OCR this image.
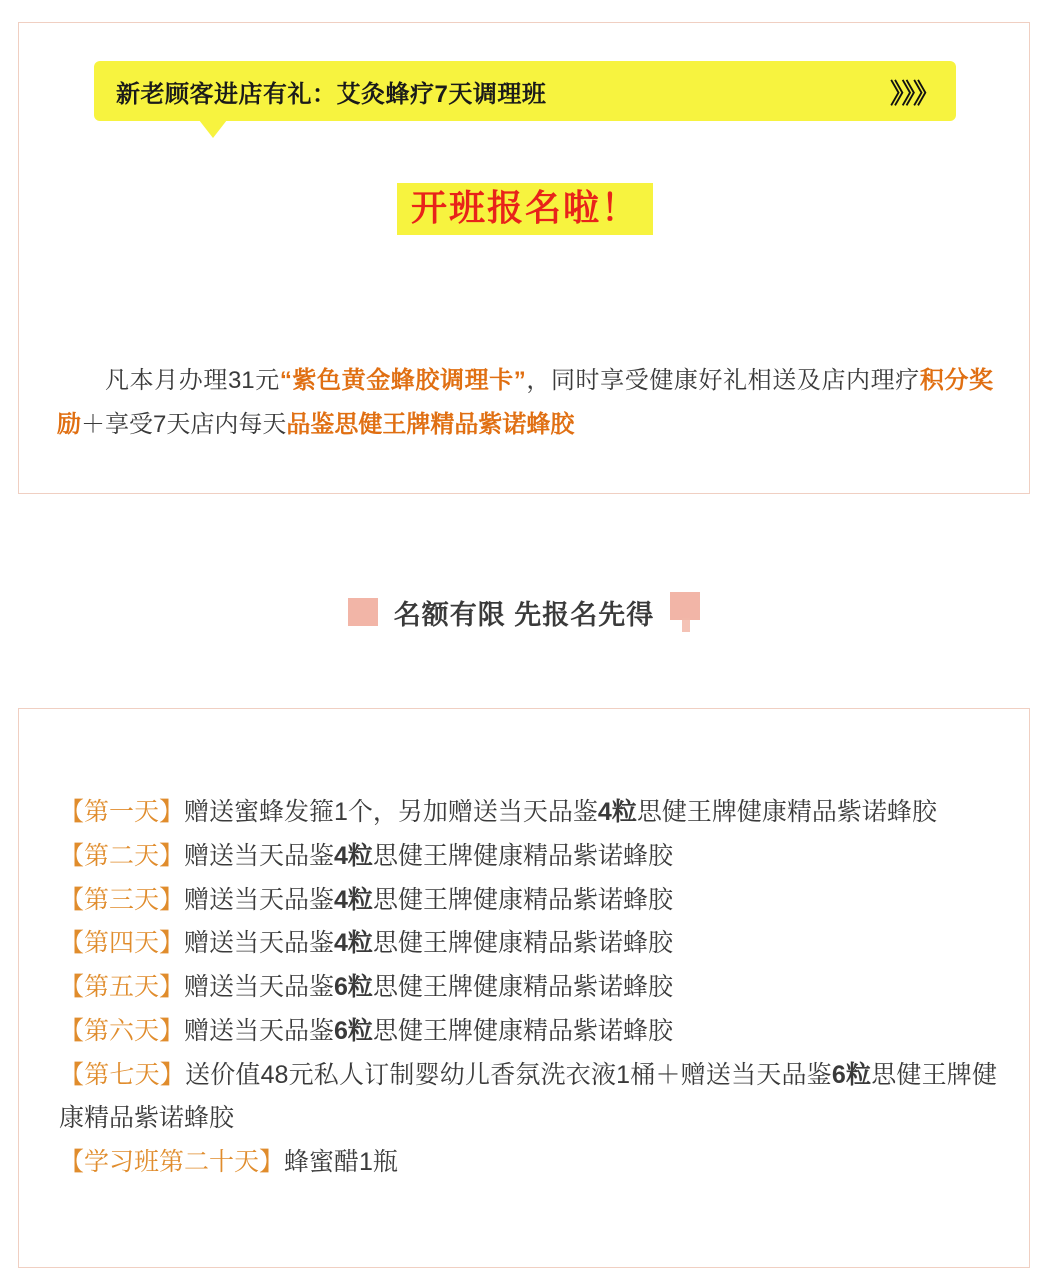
新老顾客进店有礼：艾灸蜂疗7天调理班	》》》
开班报名啦！

凡本月办理31元“紫色黄金蜂胶调理卡”，同时享受健康好礼相送及店内理疗积分奖励＋享受7天店内每天品鉴思健王牌精品紫诺蜂胶

名额有限 先报名先得
【第一天】赠送蜜蜂发箍1个，另加赠送当天品鉴4粒思健王牌健康精品紫诺蜂胶
【第二天】赠送当天品鉴4粒思健王牌健康精品紫诺蜂胶
【第三天】赠送当天品鉴4粒思健王牌健康精品紫诺蜂胶
【第四天】赠送当天品鉴4粒思健王牌健康精品紫诺蜂胶
【第五天】赠送当天品鉴6粒思健王牌健康精品紫诺蜂胶
【第六天】赠送当天品鉴6粒思健王牌健康精品紫诺蜂胶
【第七天】送价值48元私人订制婴幼儿香氛洗衣液1桶＋赠送当天品鉴6粒思健王牌健康精品紫诺蜂胶
【学习班第二十天】蜂蜜醋1瓶
